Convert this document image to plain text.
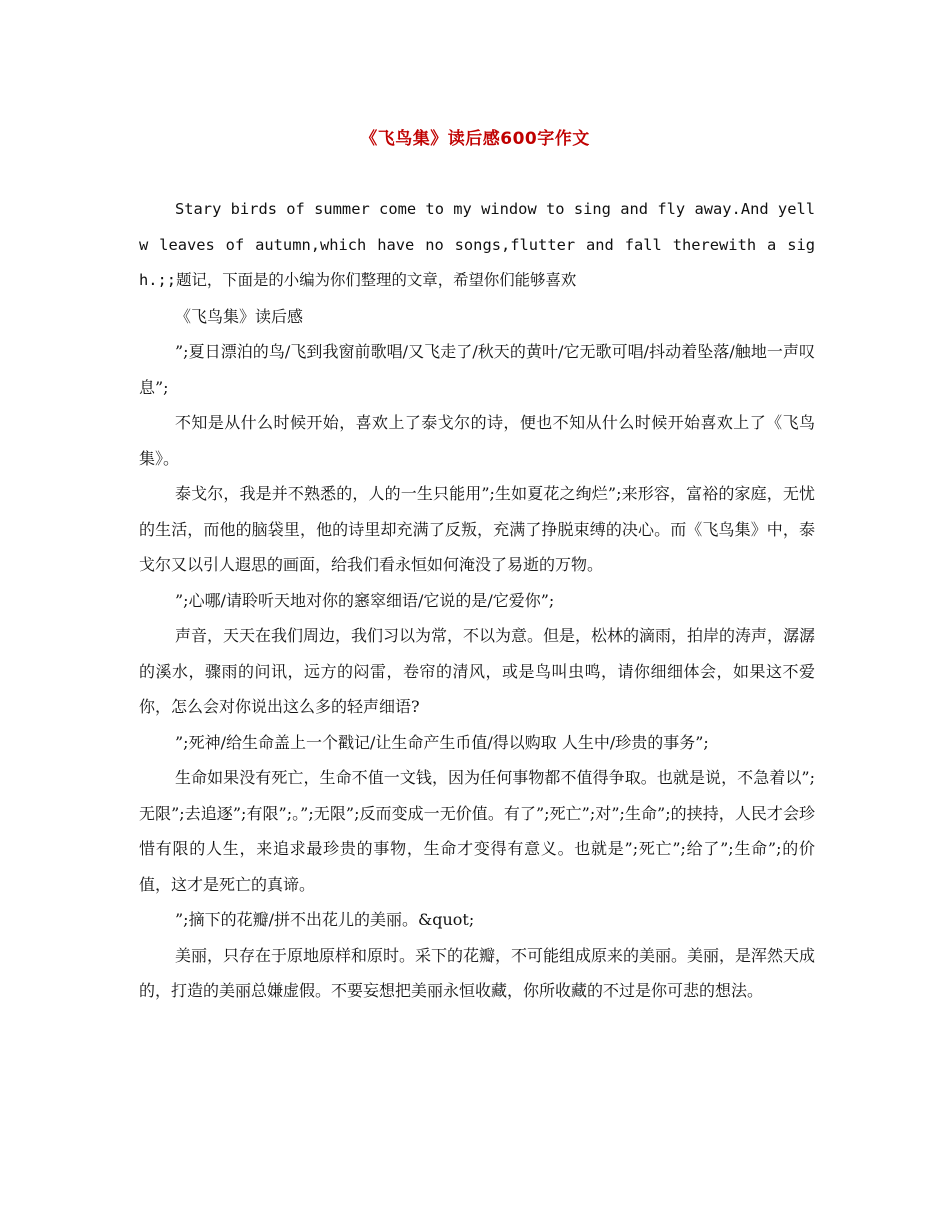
《飞鸟集》读后感600字作文

Stary birds of summer come to my window to sing and fly away.And yellw leaves of autumn,which have no songs,flutter and fall therewith a sigh.;;题记，下面是的小编为你们整理的文章，希望你们能够喜欢

《飞鸟集》读后感

”;夏日漂泊的鸟/飞到我窗前歌唱/又飞走了/秋天的黄叶/它无歌可唱/抖动着坠落/触地一声叹息”;

不知是从什么时候开始，喜欢上了泰戈尔的诗，便也不知从什么时候开始喜欢上了《飞鸟集》。

泰戈尔，我是并不熟悉的，人的一生只能用”;生如夏花之绚烂”;来形容，富裕的家庭，无忧的生活，而他的脑袋里，他的诗里却充满了反叛，充满了挣脱束缚的决心。而《飞鸟集》中，泰戈尔又以引人遐思的画面，给我们看永恒如何淹没了易逝的万物。

”;心哪/请聆听天地对你的窸窣细语/它说的是/它爱你”;

声音，天天在我们周边，我们习以为常，不以为意。但是，松林的滴雨，拍岸的涛声，潺潺的溪水，骤雨的问讯，远方的闷雷，卷帘的清风，或是鸟叫虫鸣，请你细细体会，如果这不爱你，怎么会对你说出这么多的轻声细语?

”;死神/给生命盖上一个戳记/让生命产生币值/得以购取 人生中/珍贵的事务”;

生命如果没有死亡，生命不值一文钱，因为任何事物都不值得争取。也就是说，不急着以”;无限”;去追逐”;有限”;。”;无限”;反而变成一无价值。有了”;死亡”;对”;生命”;的挟持，人民才会珍惜有限的人生，来追求最珍贵的事物，生命才变得有意义。也就是”;死亡”;给了”;生命”;的价值，这才是死亡的真谛。

”;摘下的花瓣/拼不出花儿的美丽。&quot;

美丽，只存在于原地原样和原时。采下的花瓣，不可能组成原来的美丽。美丽，是浑然天成的，打造的美丽总嫌虚假。不要妄想把美丽永恒收藏，你所收藏的不过是你可悲的想法。
